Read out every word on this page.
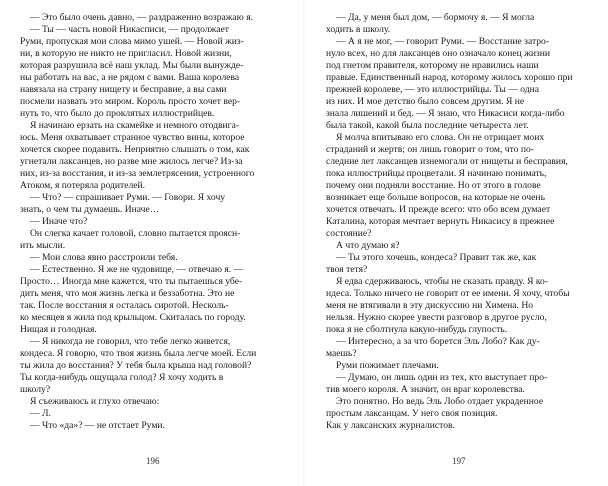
— Это было очень давно, — раздраженно возражаю я.
— Ты — часть новой Никасписи, — продолжает
Руми, пропуская мои слова мимо ушей. — Новой жиз-
ни, в которую не никто не пригласил. Новой жизни,
которая разрушила всё наш уклад. Мы были вынужде-
ны работать на вас, а не рядом с вами. Ваша королева
навязала на страну нищету и бесправие, а вы сами
посмели назвать это миром. Король просто хочет вер-
нуть то, что было до проклятых иллюстрийцев.
Я начинаю ерзать на скамейке и немного отодвига-
юсь. Меня охватывает странное чувство вины, которое
хочется скорее подавить. Неприятно слышать о том, как
угнетали лаксанцев, но разве мне жилось легче? Из-за
них, из-за восстания, и из-за землетрясения, устроенного
Атоком, я потеряла родителей.
— Что? — спрашивает Руми. — Говори. Я хочу
знать, о чем ты думаешь. Иначе…
— Иначе что?
Он слегка качает головой, словно пытается проясн-
ить мысли.
— Мои слова явно расстроили тебя.
— Естественно. Я же не чудовище, — отвечаю я. —
Просто… Иногда мне кажется, что ты пытаешься убе-
дить меня, что моя жизнь легка и беззаботна. Это не
так. После восстания я осталась сиротой. Несколь-
ко месяцев я жила под крыльцом. Скиталась по городу.
Нищая и голодная.
— Я никогда не говорил, что тебе легко живется,
кондеса. Я говорю, что твоя жизнь была легче моей. Если
ты жила до восстания? У тебя была крыша над головой?
Ты когда-нибудь ощущала голод? Я хочу ходить в
школу?
Я съеживаюсь и глухо отвечаю:
— Л.
— Что «да»? — не отстает Руми.
196
— Да, у меня был дом, — бормочу я. — Я могла
ходить в школу.
— А я не мог, — говорит Руми. — Восстание затро-
нуло всех, но для лаксанцев оно означало конец жизни
под гнетом правителя, которому не нравились наши
правые. Единственный народ, которому жилось хорошо при
прежней королеве, — это иллюстрийцы. Ты — одна
из них. И мое детство было совсем другим. Я не
знала лишений и бед. — Я знаю, что Никасиси когда-либо
была такой, какой была последние четыреста лет.
Я молча впитываю его слова. Он не отрицает моих
страданий и жертв; он лишь говорит о том, что по-
следние лет лаксанцев изнемогали от нищеты и бесправия,
пока иллюстрийцы процветали. Я начинаю понимать,
почему они подняли восстание. Но от этого в голове
возникает еще больше вопросов, на которые не очень
хочется отвечать. И прежде всего: что обо всем думает
Каталина, которая мечтает вернуть Никасису в прежнее
состояние?
А что думаю я?
— Ты этого хочешь, кондеса? Правит так же, как
твоя тетя?
Я едва сдерживаюсь, чтобы не сказать правду. Я ко-
ндеса. Только ничего не говорит от ее имени. Я хочу, чтобы
меня не втягивали в эту дискуссию ни Химена. Но
нельзя. Нужно скорее увести разговор в другое русло,
пока я не сболтнула какую-нибудь глупость.
— Интересно, а за что борется Эль Лобо? Как ду-
маешь?
Руми пожимает плечами.
— Думаю, он лишь один из тех, кто выступает про-
тив моего короля. А значит, он враг королевства.
Это понятно. Но ведь Эль Лобо отдает украденное
простым лаксанцам. У него своя позиция.
Как у лаксанских журналистов.
197
